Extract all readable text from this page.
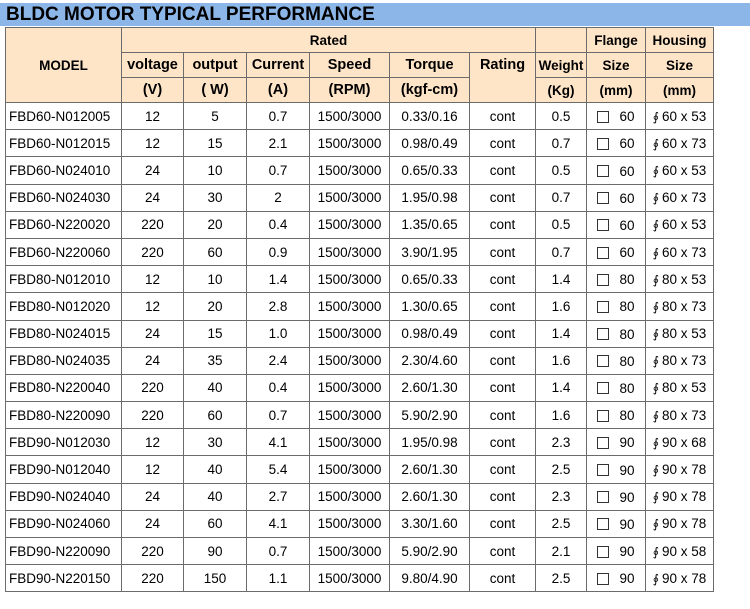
BLDC MOTOR TYPICAL PERFORMANCE
MODEL	Rated							Flange	Housing
	voltage	output	Current	Speed	Torque	Rating	Weight	Size	Size
	(V)	( W)	(A)	(RPM)	(kgf-cm)		(Kg)	(mm)	(mm)
FBD60-N012005	12	5	0.7	1500/3000	0.33/0.16	cont	0.5	60	∮ 60 x 53
FBD60-N012015	12	15	2.1	1500/3000	0.98/0.49	cont	0.7	60	∮ 60 x 73
FBD60-N024010	24	10	0.7	1500/3000	0.65/0.33	cont	0.5	60	∮ 60 x 53
FBD60-N024030	24	30	2	1500/3000	1.95/0.98	cont	0.7	60	∮ 60 x 73
FBD60-N220020	220	20	0.4	1500/3000	1.35/0.65	cont	0.5	60	∮ 60 x 53
FBD60-N220060	220	60	0.9	1500/3000	3.90/1.95	cont	0.7	60	∮ 60 x 73
FBD80-N012010	12	10	1.4	1500/3000	0.65/0.33	cont	1.4	80	∮ 80 x 53
FBD80-N012020	12	20	2.8	1500/3000	1.30/0.65	cont	1.6	80	∮ 80 x 73
FBD80-N024015	24	15	1.0	1500/3000	0.98/0.49	cont	1.4	80	∮ 80 x 53
FBD80-N024035	24	35	2.4	1500/3000	2.30/4.60	cont	1.6	80	∮ 80 x 73
FBD80-N220040	220	40	0.4	1500/3000	2.60/1.30	cont	1.4	80	∮ 80 x 53
FBD80-N220090	220	60	0.7	1500/3000	5.90/2.90	cont	1.6	80	∮ 80 x 73
FBD90-N012030	12	30	4.1	1500/3000	1.95/0.98	cont	2.3	90	∮ 90 x 68
FBD90-N012040	12	40	5.4	1500/3000	2.60/1.30	cont	2.5	90	∮ 90 x 78
FBD90-N024040	24	40	2.7	1500/3000	2.60/1.30	cont	2.3	90	∮ 90 x 78
FBD90-N024060	24	60	4.1	1500/3000	3.30/1.60	cont	2.5	90	∮ 90 x 78
FBD90-N220090	220	90	0.7	1500/3000	5.90/2.90	cont	2.1	90	∮ 90 x 58
FBD90-N220150	220	150	1.1	1500/3000	9.80/4.90	cont	2.5	90	∮ 90 x 78
